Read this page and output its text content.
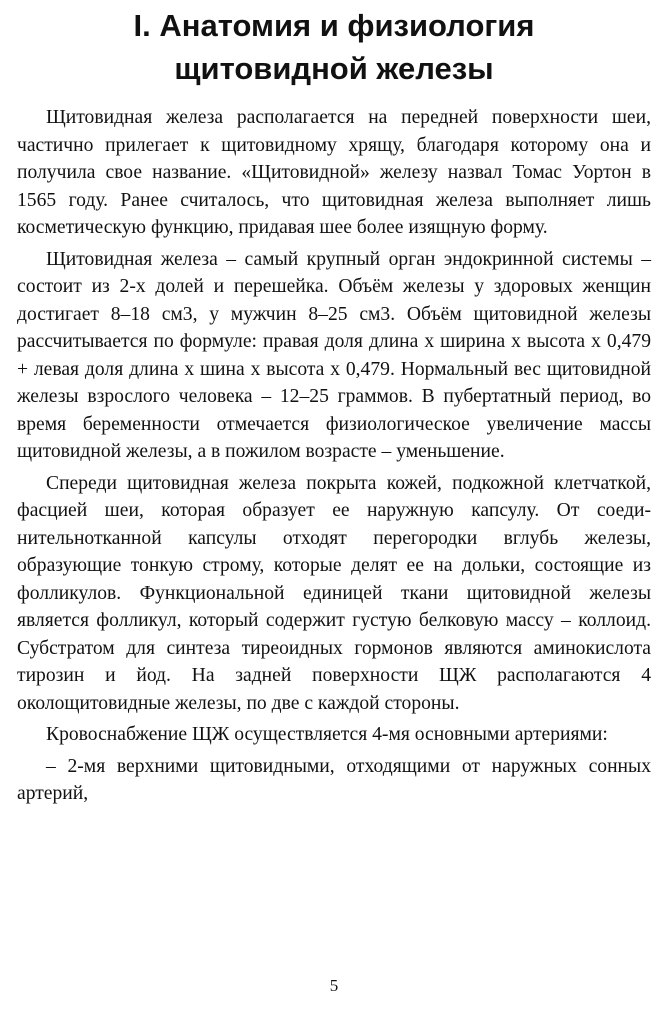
I. Анатомия и физиология
щитовидной железы

Щитовидная железа располагается на передней поверхности шеи, частично прилегает к щитовидному хрящу, благодаря которому она и получила свое название. «Щитовидной» железу назвал Томас Уортон в 1565 году. Ранее считалось, что щитовидная железа выполняет лишь косметическую функцию, придавая шее более изящную форму.

Щитовидная железа – самый крупный орган эндокринной системы – состоит из 2-х долей и перешейка. Объём железы у здоровых женщин достигает 8–18 см3, у мужчин 8–25 см3. Объём щитовидной железы рассчитывается по формуле: правая доля длина х ширина х высота х 0,479 + левая доля длина х шина х высота х 0,479. Нормальный вес щитовидной железы взрослого человека – 12–25 граммов. В пубертатный период, во время беременности отмечается физиологическое увеличение массы щитовидной железы, а в пожилом возрасте – уменьшение.

Спереди щитовидная железа покрыта кожей, подкожной клетчаткой, фасцией шеи, которая образует ее наружную капсулу. От соединительнотканной капсулы отходят перегородки вглубь железы, образующие тонкую строму, которые делят ее на дольки, состоящие из фолликулов. Функциональной единицей ткани щитовидной железы является фолликул, который содержит густую белковую массу – коллоид. Субстратом для синтеза тиреоидных гормонов являются аминокислота тирозин и йод. На задней поверхности ЩЖ располагаются 4 околощитовидные железы, по две с каждой стороны.

Кровоснабжение ЩЖ осуществляется 4-мя основными артериями:

– 2-мя верхними щитовидными, отходящими от наружных сонных артерий,

5
